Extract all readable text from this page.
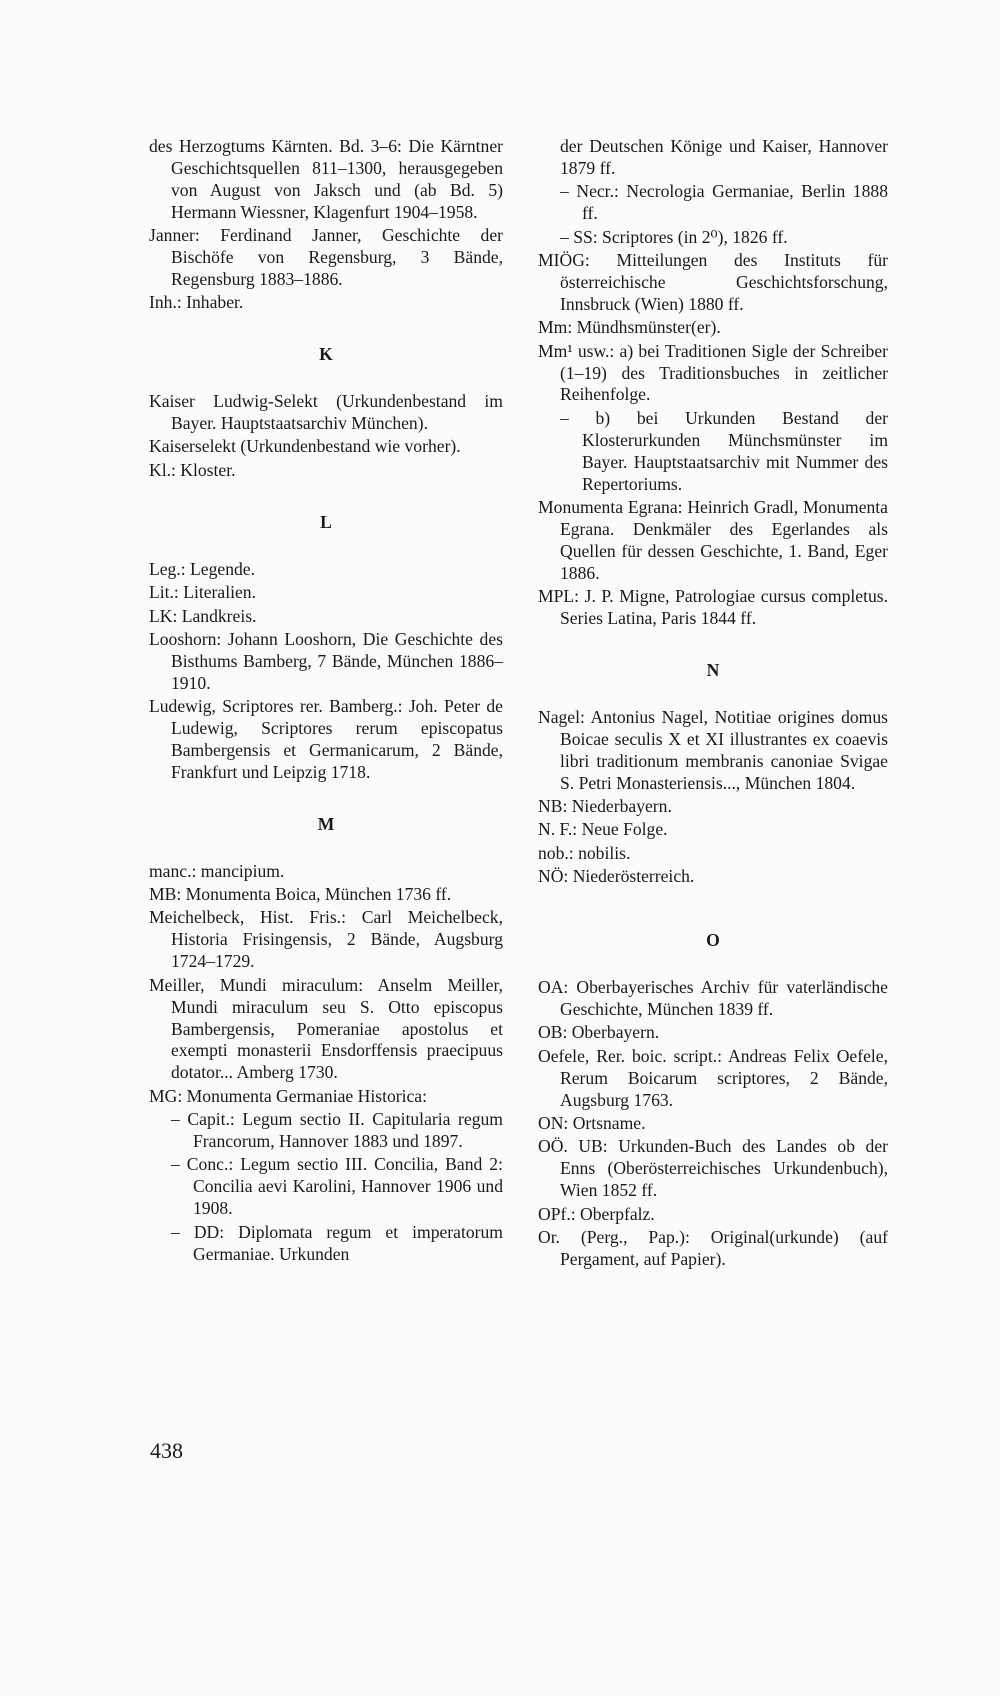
des Herzogtums Kärnten. Bd. 3–6: Die Kärntner Geschichtsquellen 811–1300, herausgegeben von August von Jaksch und (ab Bd. 5) Hermann Wiessner, Klagenfurt 1904–1958.

Janner: Ferdinand Janner, Geschichte der Bischöfe von Regensburg, 3 Bände, Regensburg 1883–1886.

Inh.: Inhaber.

K

Kaiser Ludwig-Selekt (Urkundenbestand im Bayer. Hauptstaatsarchiv München).

Kaiserselekt (Urkundenbestand wie vorher).

Kl.: Kloster.

L

Leg.: Legende.

Lit.: Literalien.

LK: Landkreis.

Looshorn: Johann Looshorn, Die Geschichte des Bisthums Bamberg, 7 Bände, München 1886–1910.

Ludewig, Scriptores rer. Bamberg.: Joh. Peter de Ludewig, Scriptores rerum episcopatus Bambergensis et Germanicarum, 2 Bände, Frankfurt und Leipzig 1718.

M

manc.: mancipium.

MB: Monumenta Boica, München 1736 ff.

Meichelbeck, Hist. Fris.: Carl Meichelbeck, Historia Frisingensis, 2 Bände, Augsburg 1724–1729.

Meiller, Mundi miraculum: Anselm Meiller, Mundi miraculum seu S. Otto episcopus Bambergensis, Pomeraniae apostolus et exempti monasterii Ensdorffensis praecipuus dotator... Amberg 1730.

MG: Monumenta Germaniae Historica:

– Capit.: Legum sectio II. Capitularia regum Francorum, Hannover 1883 und 1897.

– Conc.: Legum sectio III. Concilia, Band 2: Concilia aevi Karolini, Hannover 1906 und 1908.

– DD: Diplomata regum et imperatorum Germaniae. Urkunden

der Deutschen Könige und Kaiser, Hannover 1879 ff.

– Necr.: Necrologia Germaniae, Berlin 1888 ff.

– SS: Scriptores (in 2⁰), 1826 ff.

MIÖG: Mitteilungen des Instituts für österreichische Geschichtsforschung, Innsbruck (Wien) 1880 ff.

Mm: Mündhsmünster(er).

Mm¹ usw.: a) bei Traditionen Sigle der Schreiber (1–19) des Traditionsbuches in zeitlicher Reihenfolge.

– b) bei Urkunden Bestand der Klosterurkunden Münchsmünster im Bayer. Hauptstaatsarchiv mit Nummer des Repertoriums.

Monumenta Egrana: Heinrich Gradl, Monumenta Egrana. Denkmäler des Egerlandes als Quellen für dessen Geschichte, 1. Band, Eger 1886.

MPL: J. P. Migne, Patrologiae cursus completus. Series Latina, Paris 1844 ff.

N

Nagel: Antonius Nagel, Notitiae origines domus Boicae seculis X et XI illustrantes ex coaevis libri traditionum membranis canoniae Svigae S. Petri Monasteriensis..., München 1804.

NB: Niederbayern.

N. F.: Neue Folge.

nob.: nobilis.

NÖ: Niederösterreich.

O

OA: Oberbayerisches Archiv für vaterländische Geschichte, München 1839 ff.

OB: Oberbayern.

Oefele, Rer. boic. script.: Andreas Felix Oefele, Rerum Boicarum scriptores, 2 Bände, Augsburg 1763.

ON: Ortsname.

OÖ. UB: Urkunden-Buch des Landes ob der Enns (Oberösterreichisches Urkundenbuch), Wien 1852 ff.

OPf.: Oberpfalz.

Or. (Perg., Pap.): Original(urkunde) (auf Pergament, auf Papier).

438
